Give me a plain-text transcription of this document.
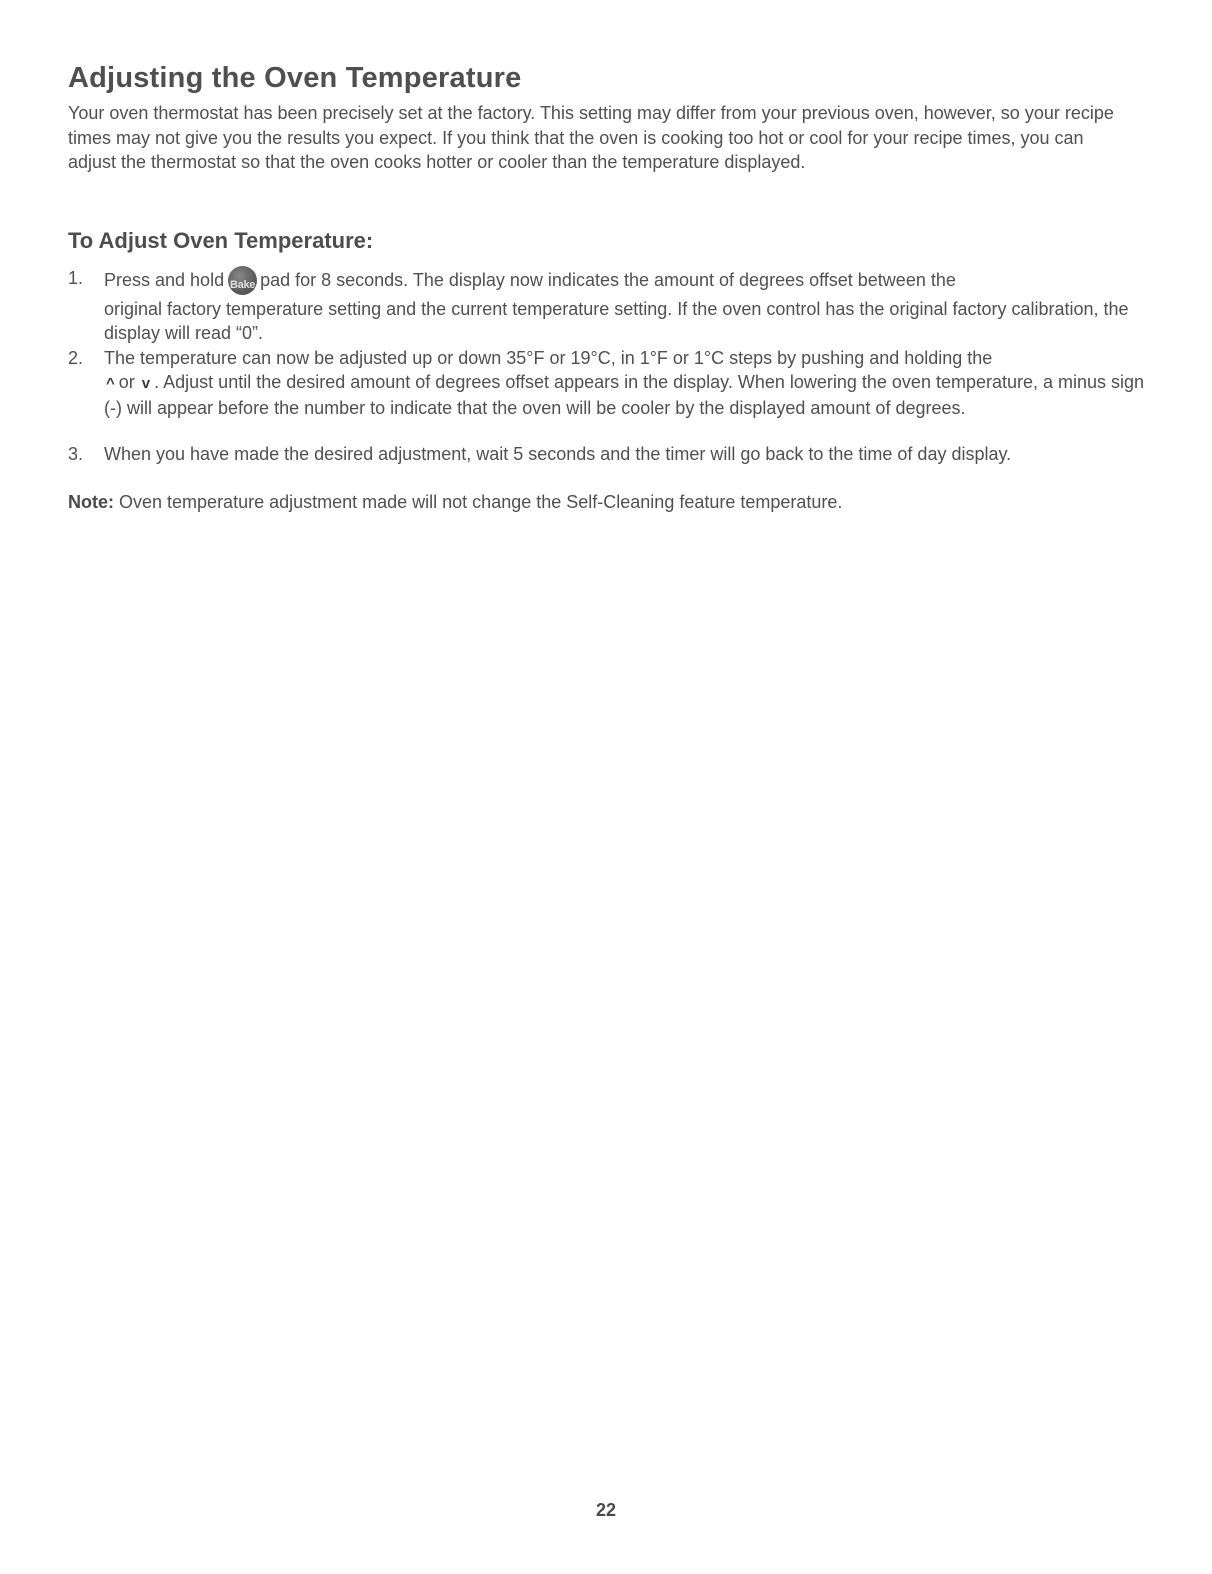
Adjusting the Oven Temperature

Your oven thermostat has been precisely set at the factory. This setting may differ from your previous oven, however, so your recipe times may not give you the results you expect. If you think that the oven is cooking too hot or cool for your recipe times, you can adjust the thermostat so that the oven cooks hotter or cooler than the temperature displayed.

To Adjust Oven Temperature:
1.	Press and hold Bake pad for 8 seconds. The display now indicates the amount of degrees offset between the
original factory temperature setting and the current temperature setting. If the oven control has the original factory calibration, the display will read “0”.
2.	The temperature can now be adjusted up or down 35°F or 19°C, in 1°F or 1°C steps by pushing and holding the
^ or v . Adjust until the desired amount of degrees offset appears in the display. When lowering the oven temperature, a minus sign (-) will appear before the number to indicate that the oven will be cooler by the displayed amount of degrees.
3.	When you have made the desired adjustment, wait 5 seconds and the timer will go back to the time of day display.

Note: Oven temperature adjustment made will not change the Self-Cleaning feature temperature.

22
